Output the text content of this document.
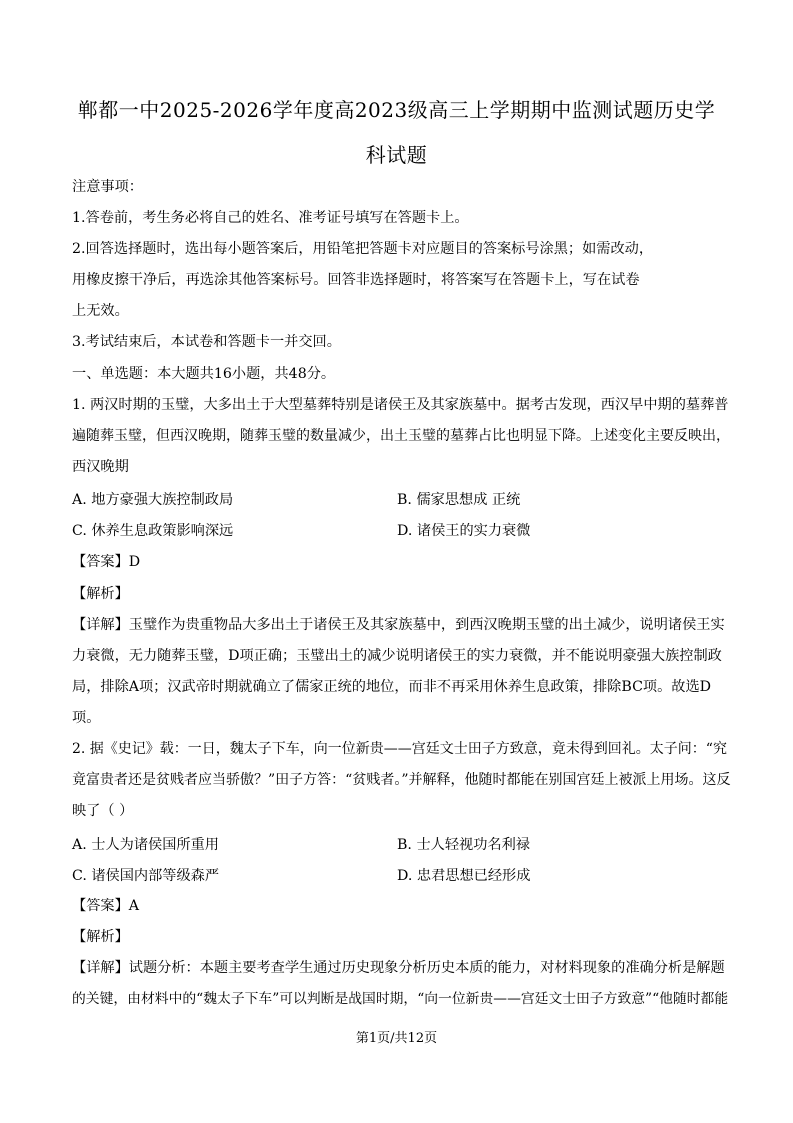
郸都一中2025-2026学年度高2023级高三上学期期中监测试题历史学
科试题
注意事项：
1.答卷前，考生务必将自己的姓名、准考证号填写在答题卡上。
2.回答选择题时，选出每小题答案后，用铅笔把答题卡对应题目的答案标号涂黑；如需改动，
用橡皮擦干净后，再选涂其他答案标号。回答非选择题时，将答案写在答题卡上，写在试卷
上无效。
3.考试结束后，本试卷和答题卡一并交回。
一、单选题：本大题共16小题，共48分。
1. 两汉时期的玉璧，大多出土于大型墓葬特别是诸侯王及其家族墓中。据考古发现，西汉早中期的墓葬普
遍随葬玉璧，但西汉晚期，随葬玉璧的数量减少，出土玉璧的墓葬占比也明显下降。上述变化主要反映出，
西汉晚期
A. 地方豪强大族控制政局	B. 儒家思想成 正统
C. 休养生息政策影响深远	D. 诸侯王的实力衰微
【答案】D
【解析】
【详解】玉璧作为贵重物品大多出土于诸侯王及其家族墓中，到西汉晚期玉璧的出土减少，说明诸侯王实
力衰微，无力随葬玉璧，D项正确；玉璧出土的减少说明诸侯王的实力衰微，并不能说明豪强大族控制政
局，排除A项；汉武帝时期就确立了儒家正统的地位，而非不再采用休养生息政策，排除BC项。故选D
项。
2. 据《史记》载：一日，魏太子下车，向一位新贵——宫廷文士田子方致意，竟未得到回礼。太子问：“究
竟富贵者还是贫贱者应当骄傲？”田子方答：“贫贱者。”并解释，他随时都能在别国宫廷上被派上用场。这反
映了（ ）
A. 士人为诸侯国所重用	B. 士人轻视功名利禄
C. 诸侯国内部等级森严	D. 忠君思想已经形成
【答案】A
【解析】
【详解】试题分析：本题主要考查学生通过历史现象分析历史本质的能力，对材料现象的准确分析是解题
的关键，由材料中的“魏太子下车”可以判断是战国时期，“向一位新贵——宫廷文士田子方致意”“他随时都能
第1页/共12页
